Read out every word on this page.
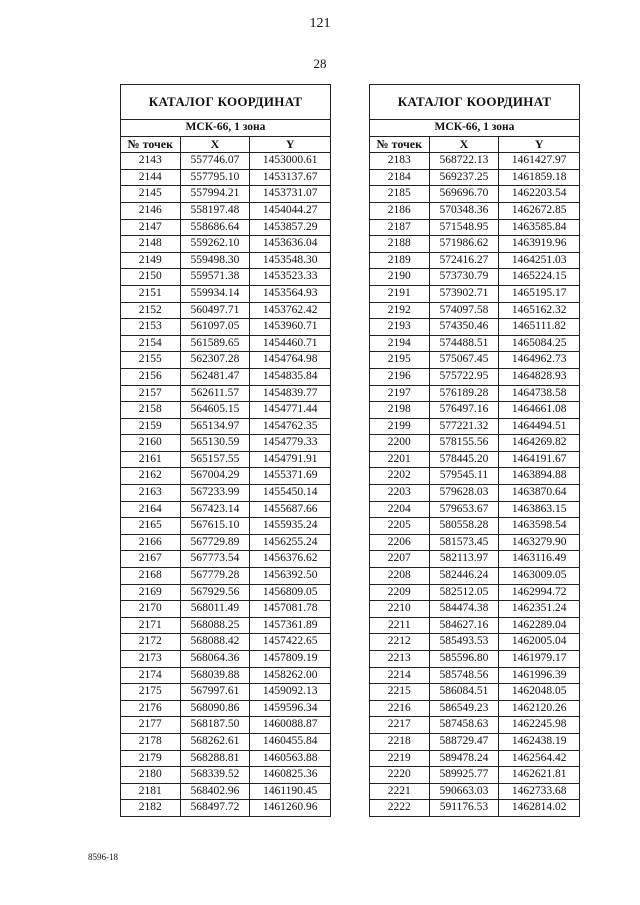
121
28
КАТАЛОГ КООРДИНАТ		
МСК-66, 1 зона		
№ точек	X	Y
2143	557746.07	1453000.61
2144	557795.10	1453137.67
2145	557994.21	1453731.07
2146	558197.48	1454044.27
2147	558686.64	1453857.29
2148	559262.10	1453636.04
2149	559498.30	1453548.30
2150	559571.38	1453523.33
2151	559934.14	1453564.93
2152	560497.71	1453762.42
2153	561097.05	1453960.71
2154	561589.65	1454460.71
2155	562307.28	1454764.98
2156	562481.47	1454835.84
2157	562611.57	1454839.77
2158	564605.15	1454771.44
2159	565134.97	1454762.35
2160	565130.59	1454779.33
2161	565157.55	1454791.91
2162	567004.29	1455371.69
2163	567233.99	1455450.14
2164	567423.14	1455687.66
2165	567615.10	1455935.24
2166	567729.89	1456255.24
2167	567773.54	1456376.62
2168	567779.28	1456392.50
2169	567929.56	1456809.05
2170	568011.49	1457081.78
2171	568088.25	1457361.89
2172	568088.42	1457422.65
2173	568064.36	1457809.19
2174	568039.88	1458262.00
2175	567997.61	1459092.13
2176	568090.86	1459596.34
2177	568187.50	1460088.87
2178	568262.61	1460455.84
2179	568288.81	1460563.88
2180	568339.52	1460825.36
2181	568402.96	1461190.45
2182	568497.72	1461260.96
КАТАЛОГ КООРДИНАТ		
МСК-66, 1 зона		
№ точек	X	Y
2183	568722.13	1461427.97
2184	569237.25	1461859.18
2185	569696.70	1462203.54
2186	570348.36	1462672.85
2187	571548.95	1463585.84
2188	571986.62	1463919.96
2189	572416.27	1464251.03
2190	573730.79	1465224.15
2191	573902.71	1465195.17
2192	574097.58	1465162.32
2193	574350.46	1465111.82
2194	574488.51	1465084.25
2195	575067.45	1464962.73
2196	575722.95	1464828.93
2197	576189.28	1464738.58
2198	576497.16	1464661.08
2199	577221.32	1464494.51
2200	578155.56	1464269.82
2201	578445.20	1464191.67
2202	579545.11	1463894.88
2203	579628.03	1463870.64
2204	579653.67	1463863.15
2205	580558.28	1463598.54
2206	581573.45	1463279.90
2207	582113.97	1463116.49
2208	582446.24	1463009.05
2209	582512.05	1462994.72
2210	584474.38	1462351.24
2211	584627.16	1462289.04
2212	585493.53	1462005.04
2213	585596.80	1461979.17
2214	585748.56	1461996.39
2215	586084.51	1462048.05
2216	586549.23	1462120.26
2217	587458.63	1462245.98
2218	588729.47	1462438.19
2219	589478.24	1462564.42
2220	589925.77	1462621.81
2221	590663.03	1462733.68
2222	591176.53	1462814.02
8596-18
